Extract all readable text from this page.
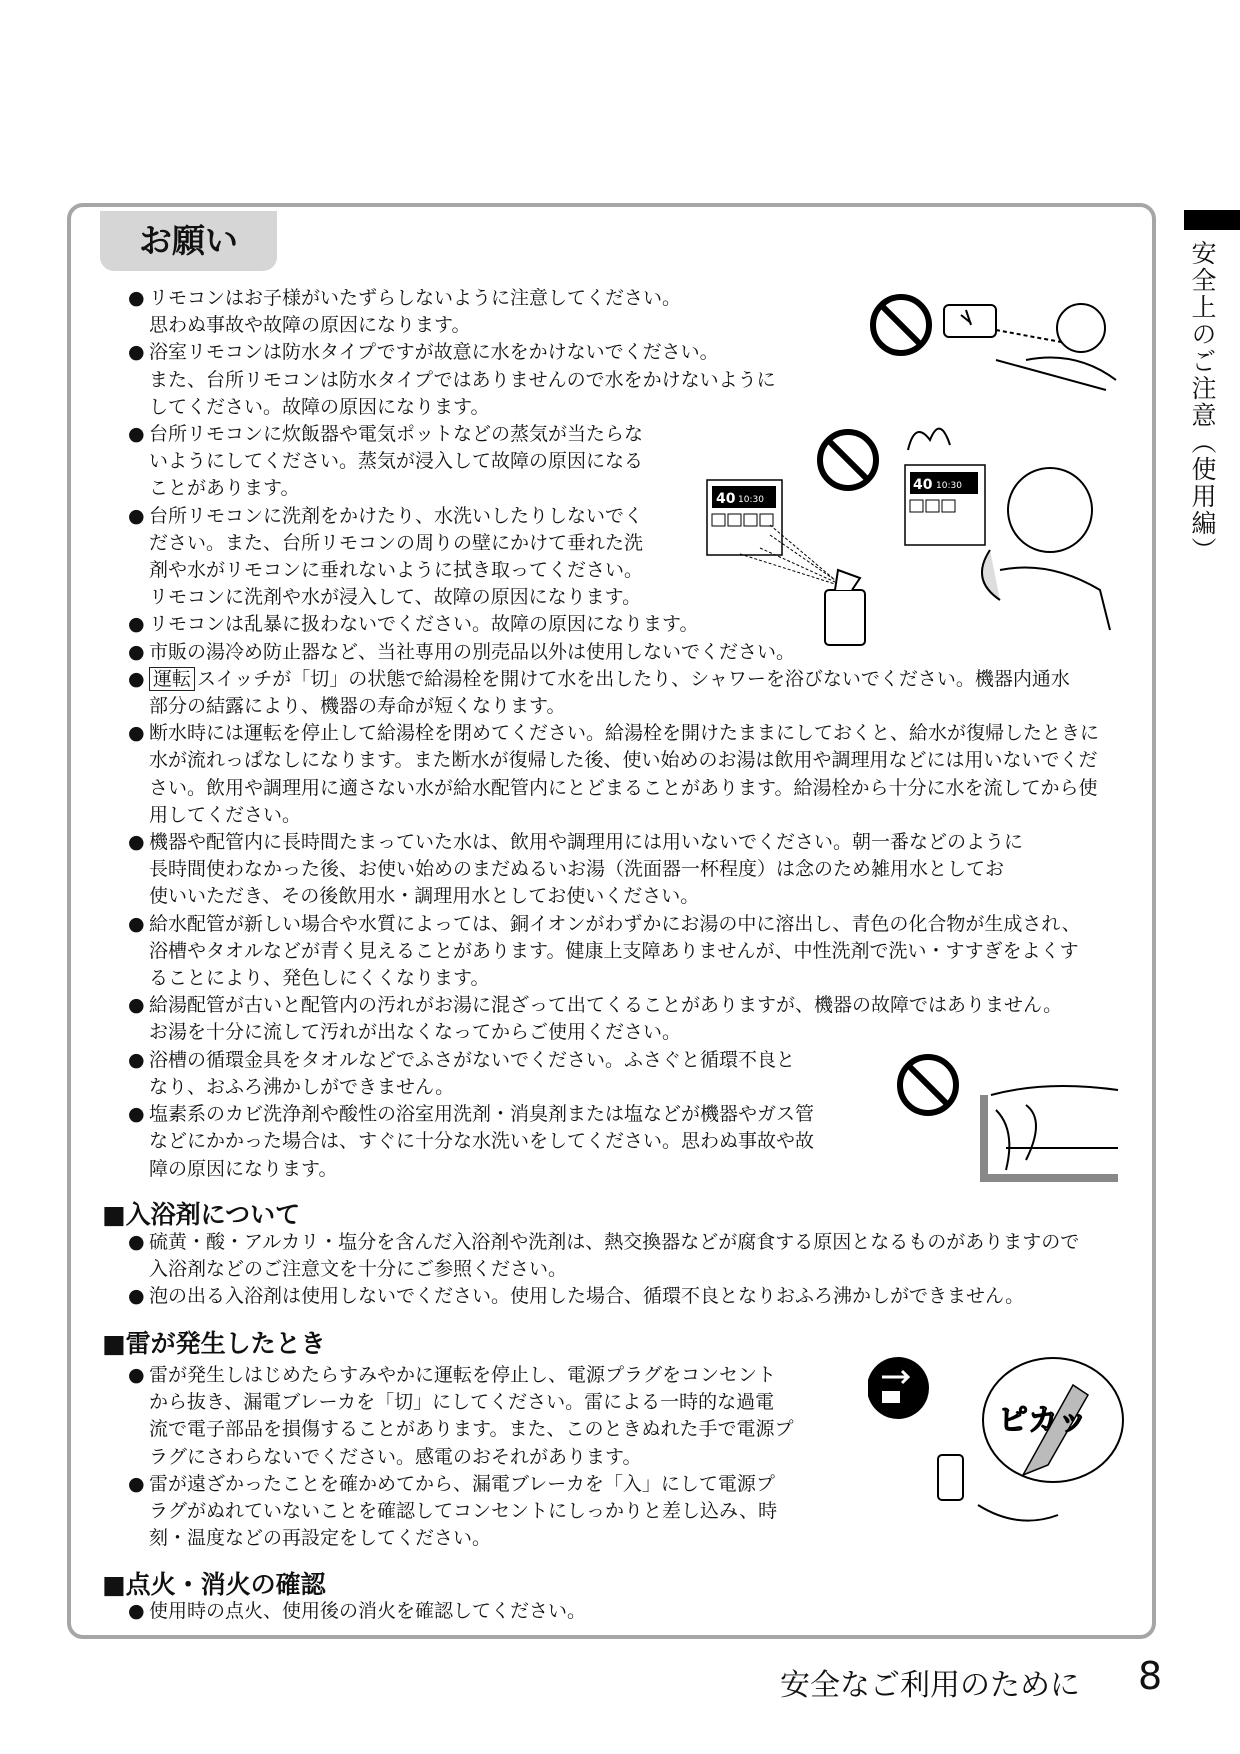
安全上のご注意（使用編）
お願い
● リモコンはお子様がいたずらしないように注意してください。
思わぬ事故や故障の原因になります。
● 浴室リモコンは防水タイプですが故意に水をかけないでください。
また、台所リモコンは防水タイプではありませんので水をかけないように
してください。故障の原因になります。
● 台所リモコンに炊飯器や電気ポットなどの蒸気が当たらな
いようにしてください。蒸気が浸入して故障の原因になる
ことがあります。
● 台所リモコンに洗剤をかけたり、水洗いしたりしないでく
ださい。また、台所リモコンの周りの壁にかけて垂れた洗
剤や水がリモコンに垂れないように拭き取ってください。
リモコンに洗剤や水が浸入して、故障の原因になります。
● リモコンは乱暴に扱わないでください。故障の原因になります。
● 市販の湯冷め防止器など、当社専用の別売品以外は使用しないでください。
● 運転 スイッチが「切」の状態で給湯栓を開けて水を出したり、シャワーを浴びないでください。機器内通水
部分の結露により、機器の寿命が短くなります。
● 断水時には運転を停止して給湯栓を閉めてください。給湯栓を開けたままにしておくと、給水が復帰したときに
水が流れっぱなしになります。また断水が復帰した後、使い始めのお湯は飲用や調理用などには用いないでくだ
さい。飲用や調理用に適さない水が給水配管内にとどまることがあります。給湯栓から十分に水を流してから使
用してください。
● 機器や配管内に長時間たまっていた水は、飲用や調理用には用いないでください。朝一番などのように
長時間使わなかった後、お使い始めのまだぬるいお湯（洗面器一杯程度）は念のため雑用水としてお
使いいただき、その後飲用水・調理用水としてお使いください。
● 給水配管が新しい場合や水質によっては、銅イオンがわずかにお湯の中に溶出し、青色の化合物が生成され、
浴槽やタオルなどが青く見えることがあります。健康上支障ありませんが、中性洗剤で洗い・すすぎをよくす
ることにより、発色しにくくなります。
● 給湯配管が古いと配管内の汚れがお湯に混ざって出てくることがありますが、機器の故障ではありません。
お湯を十分に流して汚れが出なくなってからご使用ください。
● 浴槽の循環金具をタオルなどでふさがないでください。ふさぐと循環不良と
なり、おふろ沸かしができません。
● 塩素系のカビ洗浄剤や酸性の浴室用洗剤・消臭剤または塩などが機器やガス管
などにかかった場合は、すぐに十分な水洗いをしてください。思わぬ事故や故
障の原因になります。
■入浴剤について
● 硫黄・酸・アルカリ・塩分を含んだ入浴剤や洗剤は、熱交換器などが腐食する原因となるものがありますので
入浴剤などのご注意文を十分にご参照ください。
● 泡の出る入浴剤は使用しないでください。使用した場合、循環不良となりおふろ沸かしができません。
■雷が発生したとき
● 雷が発生しはじめたらすみやかに運転を停止し、電源プラグをコンセント
から抜き、漏電ブレーカを「切」にしてください。雷による一時的な過電
流で電子部品を損傷することがあります。また、このときぬれた手で電源プ
ラグにさわらないでください。感電のおそれがあります。
● 雷が遠ざかったことを確かめてから、漏電ブレーカを「入」にして電源プ
ラグがぬれていないことを確認してコンセントにしっかりと差し込み、時
刻・温度などの再設定をしてください。
■点火・消火の確認
● 使用時の点火、使用後の消火を確認してください。
40 10:30
40 10:30
ピカッ
安全なご利用のために 8
